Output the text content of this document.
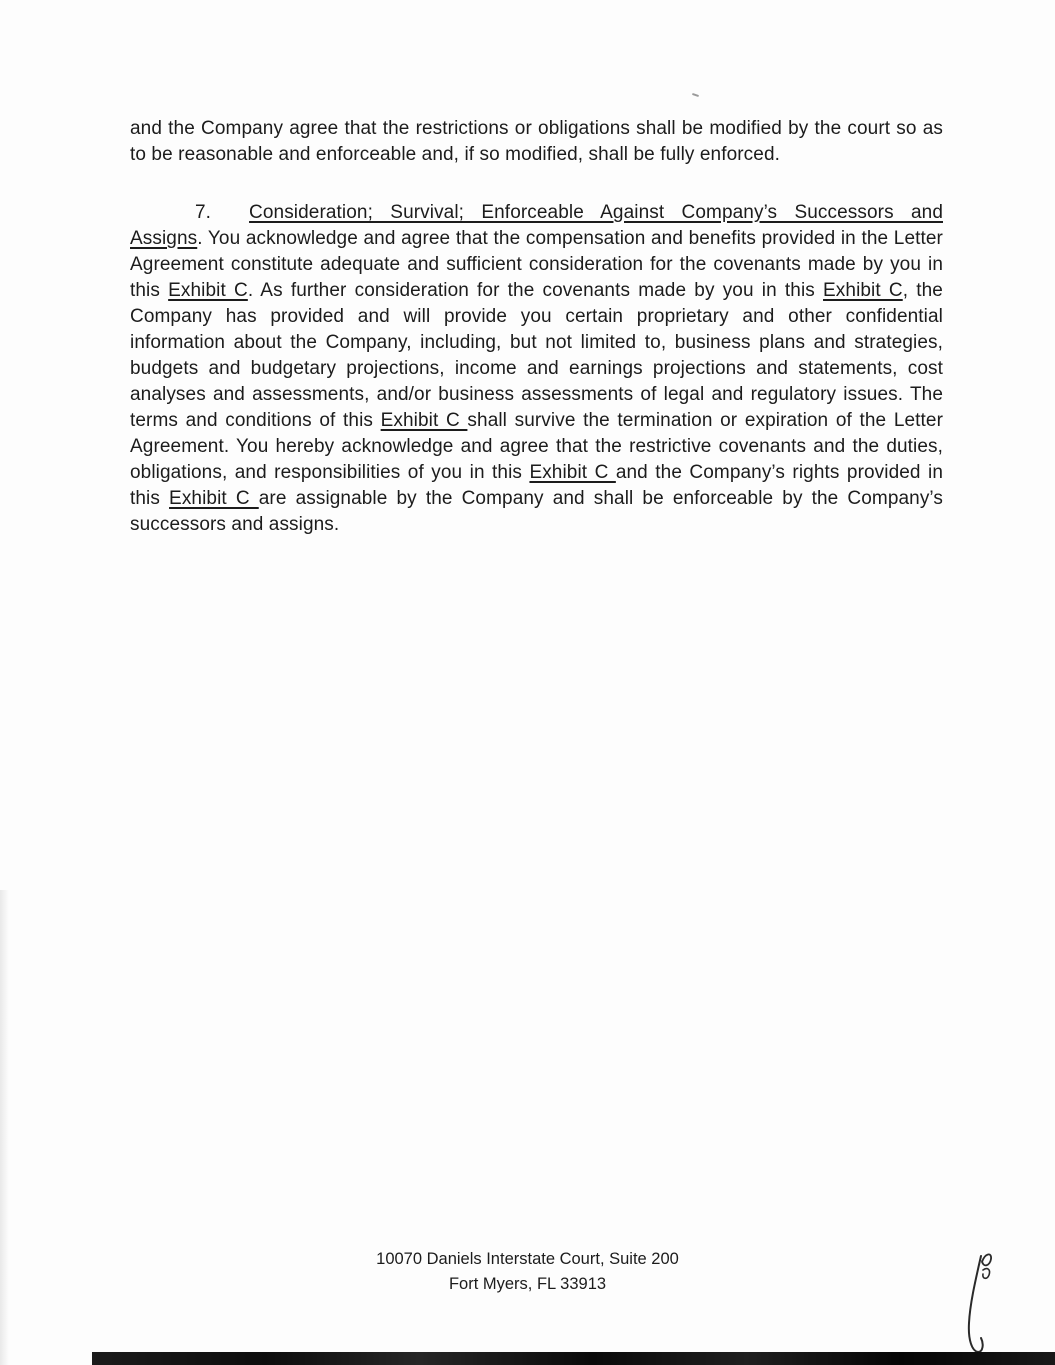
and the Company agree that the restrictions or obligations shall be modified by the court so as to be reasonable and enforceable and, if so modified, shall be fully enforced.

7. Consideration; Survival; Enforceable Against Company’s Successors and Assigns. You acknowledge and agree that the compensation and benefits provided in the Letter Agreement constitute adequate and sufficient consideration for the covenants made by you in this Exhibit C. As further consideration for the covenants made by you in this Exhibit C, the Company has provided and will provide you certain proprietary and other confidential information about the Company, including, but not limited to, business plans and strategies, budgets and budgetary projections, income and earnings projections and statements, cost analyses and assessments, and/or business assessments of legal and regulatory issues. The terms and conditions of this Exhibit C shall survive the termination or expiration of the Letter Agreement. You hereby acknowledge and agree that the restrictive covenants and the duties, obligations, and responsibilities of you in this Exhibit C and the Company’s rights provided in this Exhibit C are assignable by the Company and shall be enforceable by the Company’s successors and assigns.

10070 Daniels Interstate Court, Suite 200
Fort Myers, FL 33913
